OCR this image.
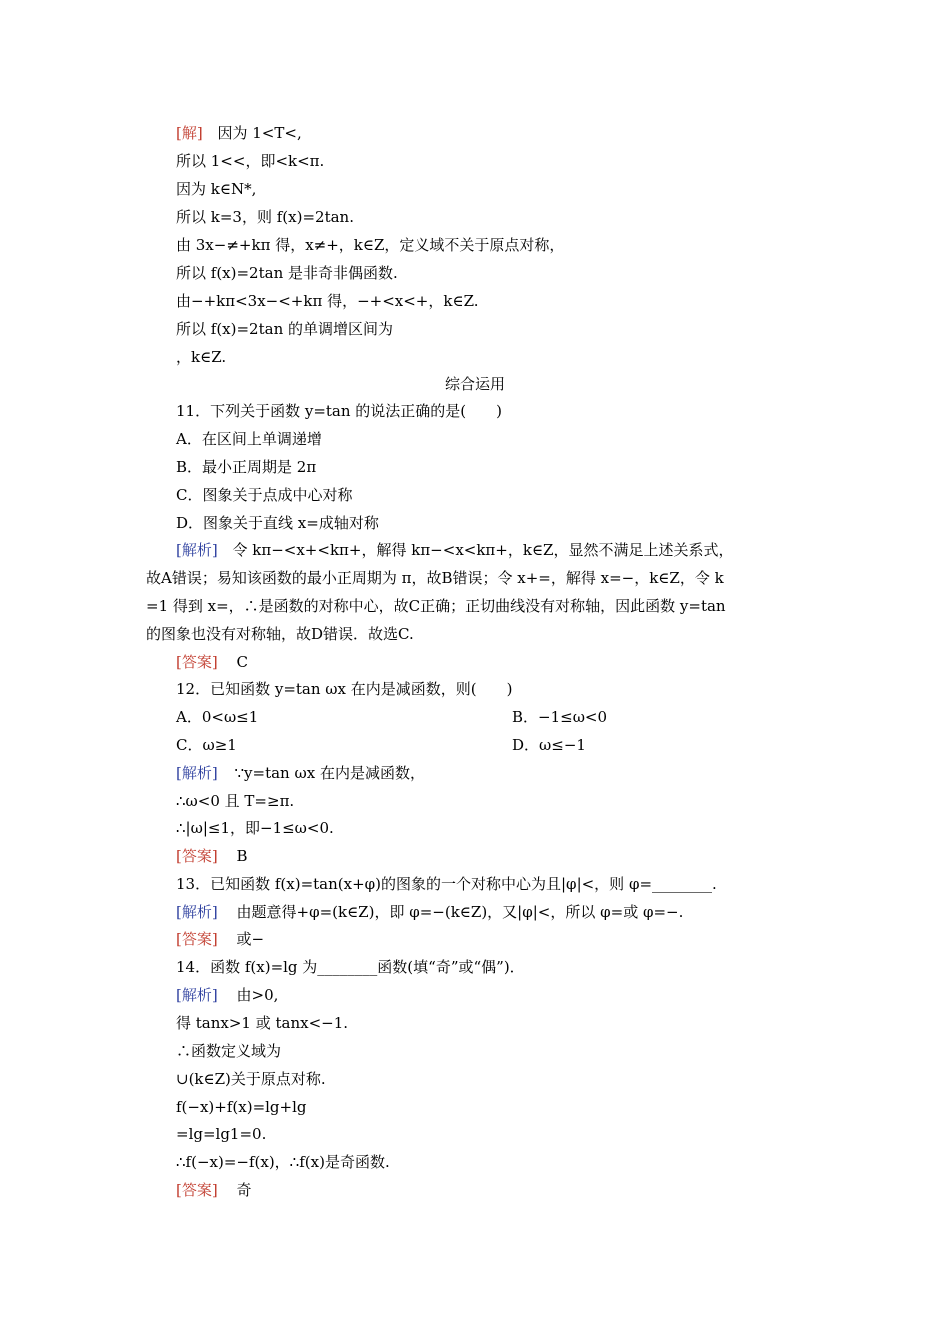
[解] 因为 1<T<,
所以 1<<，即<k<π.
因为 k∈N*,
所以 k=3，则 f(x)=2tan.
由 3x−≠+kπ 得，x≠+，k∈Z，定义域不关于原点对称，
所以 f(x)=2tan 是非奇非偶函数.
由−+kπ<3x−<+kπ 得，−+<x<+，k∈Z.
所以 f(x)=2tan 的单调增区间为
，k∈Z.
综合运用
11．下列关于函数 y=tan 的说法正确的是(　　)
A．在区间上单调递增
B．最小正周期是 2π
C．图象关于点成中心对称
D．图象关于直线 x=成轴对称
[解析] 令 kπ−<x+<kπ+，解得 kπ−<x<kπ+，k∈Z，显然不满足上述关系式，
故A错误；易知该函数的最小正周期为 π，故B错误；令 x+=，解得 x=−，k∈Z，令 k
=1 得到 x=，∴是函数的对称中心，故C正确；正切曲线没有对称轴，因此函数 y=tan
的图象也没有对称轴，故D错误．故选C.
[答案] C
12．已知函数 y=tan ωx 在内是减函数，则(　　)
A．0<ω≤1	B．−1≤ω<0
C．ω≥1	D．ω≤−1
[解析] ∵y=tan ωx 在内是减函数，
∴ω<0 且 T=≥π.
∴|ω|≤1，即−1≤ω<0.
[答案] B
13．已知函数 f(x)=tan(x+φ)的图象的一个对称中心为且|φ|<，则 φ=________.
[解析] 由题意得+φ=(k∈Z)，即 φ=−(k∈Z)，又|φ|<，所以 φ=或 φ=−.
[答案] 或−
14．函数 f(x)=lg 为________函数(填“奇”或“偶”)．
[解析] 由>0,
得 tanx>1 或 tanx<−1.
∴函数定义域为
∪(k∈Z)关于原点对称.
f(−x)+f(x)=lg+lg
=lg=lg1=0.
∴f(−x)=−f(x)，∴f(x)是奇函数.
[答案] 奇
